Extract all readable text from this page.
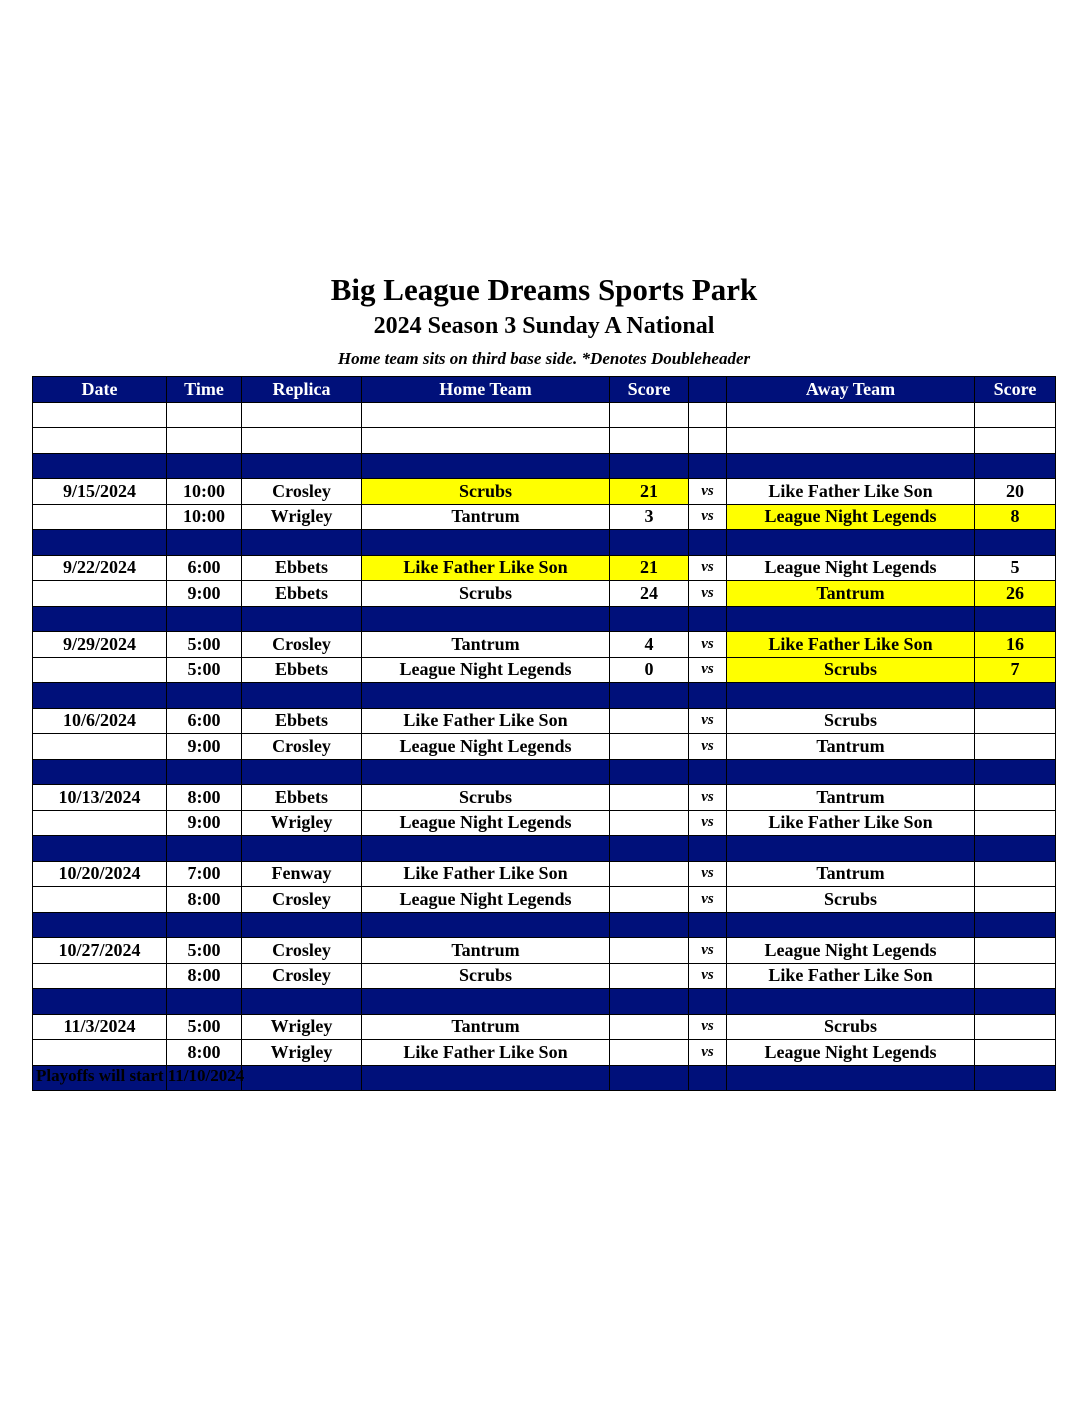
Big League Dreams Sports Park
2024 Season 3 Sunday A National
Home team sits on third base side. *Denotes Doubleheader
Date	Time	Replica	Home Team	Score		Away Team	Score

9/15/2024	10:00	Crosley	Scrubs	21	vs	Like Father Like Son	20
	10:00	Wrigley	Tantrum	3	vs	League Night Legends	8

9/22/2024	6:00	Ebbets	Like Father Like Son	21	vs	League Night Legends	5
	9:00	Ebbets	Scrubs	24	vs	Tantrum	26

9/29/2024	5:00	Crosley	Tantrum	4	vs	Like Father Like Son	16
	5:00	Ebbets	League Night Legends	0	vs	Scrubs	7

10/6/2024	6:00	Ebbets	Like Father Like Son		vs	Scrubs	
	9:00	Crosley	League Night Legends		vs	Tantrum	

10/13/2024	8:00	Ebbets	Scrubs		vs	Tantrum	
	9:00	Wrigley	League Night Legends		vs	Like Father Like Son	

10/20/2024	7:00	Fenway	Like Father Like Son		vs	Tantrum	
	8:00	Crosley	League Night Legends		vs	Scrubs	

10/27/2024	5:00	Crosley	Tantrum		vs	League Night Legends	
	8:00	Crosley	Scrubs		vs	Like Father Like Son	

11/3/2024	5:00	Wrigley	Tantrum		vs	Scrubs	
	8:00	Wrigley	Like Father Like Son		vs	League Night Legends	

Playoffs will start 11/10/2024
